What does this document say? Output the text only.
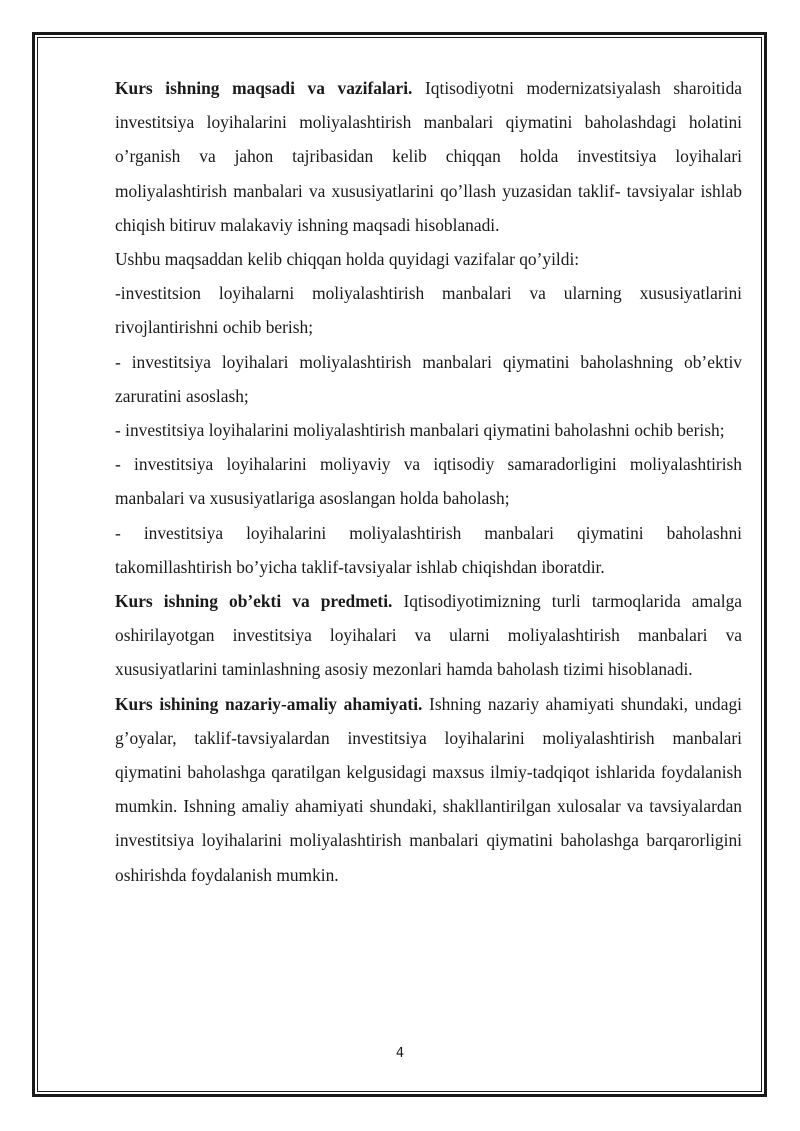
Kurs ishning maqsadi va vazifalari. Iqtisodiyotni modernizatsiyalash sharoitida investitsiya loyihalarini moliyalashtirish manbalari qiymatini baholashdagi holatini o’rganish va jahon tajribasidan kelib chiqqan holda investitsiya loyihalari moliyalashtirish manbalari va xususiyatlarini qo’llash yuzasidan taklif- tavsiyalar ishlab chiqish bitiruv malakaviy ishning maqsadi hisoblanadi.

Ushbu maqsaddan kelib chiqqan holda quyidagi vazifalar qo’yildi:

-investitsion loyihalarni moliyalashtirish manbalari va ularning xususiyatlarini rivojlantirishni ochib berish;

- investitsiya loyihalari moliyalashtirish manbalari qiymatini baholashning ob’ektiv zaruratini asoslash;

- investitsiya loyihalarini moliyalashtirish manbalari qiymatini baholashni ochib berish;

- investitsiya loyihalarini moliyaviy va iqtisodiy samaradorligini moliyalashtirish manbalari va xususiyatlariga asoslangan holda baholash;

- investitsiya loyihalarini moliyalashtirish manbalari qiymatini baholashni takomillashtirish bo’yicha taklif-tavsiyalar ishlab chiqishdan iboratdir.

Kurs ishning ob’ekti va predmeti. Iqtisodiyotimizning turli tarmoqlarida amalga oshirilayotgan investitsiya loyihalari va ularni moliyalashtirish manbalari va xususiyatlarini taminlashning asosiy mezonlari hamda baholash tizimi hisoblanadi.

Kurs ishining nazariy-amaliy ahamiyati. Ishning nazariy ahamiyati shundaki, undagi g’oyalar, taklif-tavsiyalardan investitsiya loyihalarini moliyalashtirish manbalari qiymatini baholashga qaratilgan kelgusidagi maxsus ilmiy-tadqiqot ishlarida foydalanish mumkin. Ishning amaliy ahamiyati shundaki, shakllantirilgan xulosalar va tavsiyalardan investitsiya loyihalarini moliyalashtirish manbalari qiymatini baholashga barqarorligini oshirishda foydalanish mumkin.

4
